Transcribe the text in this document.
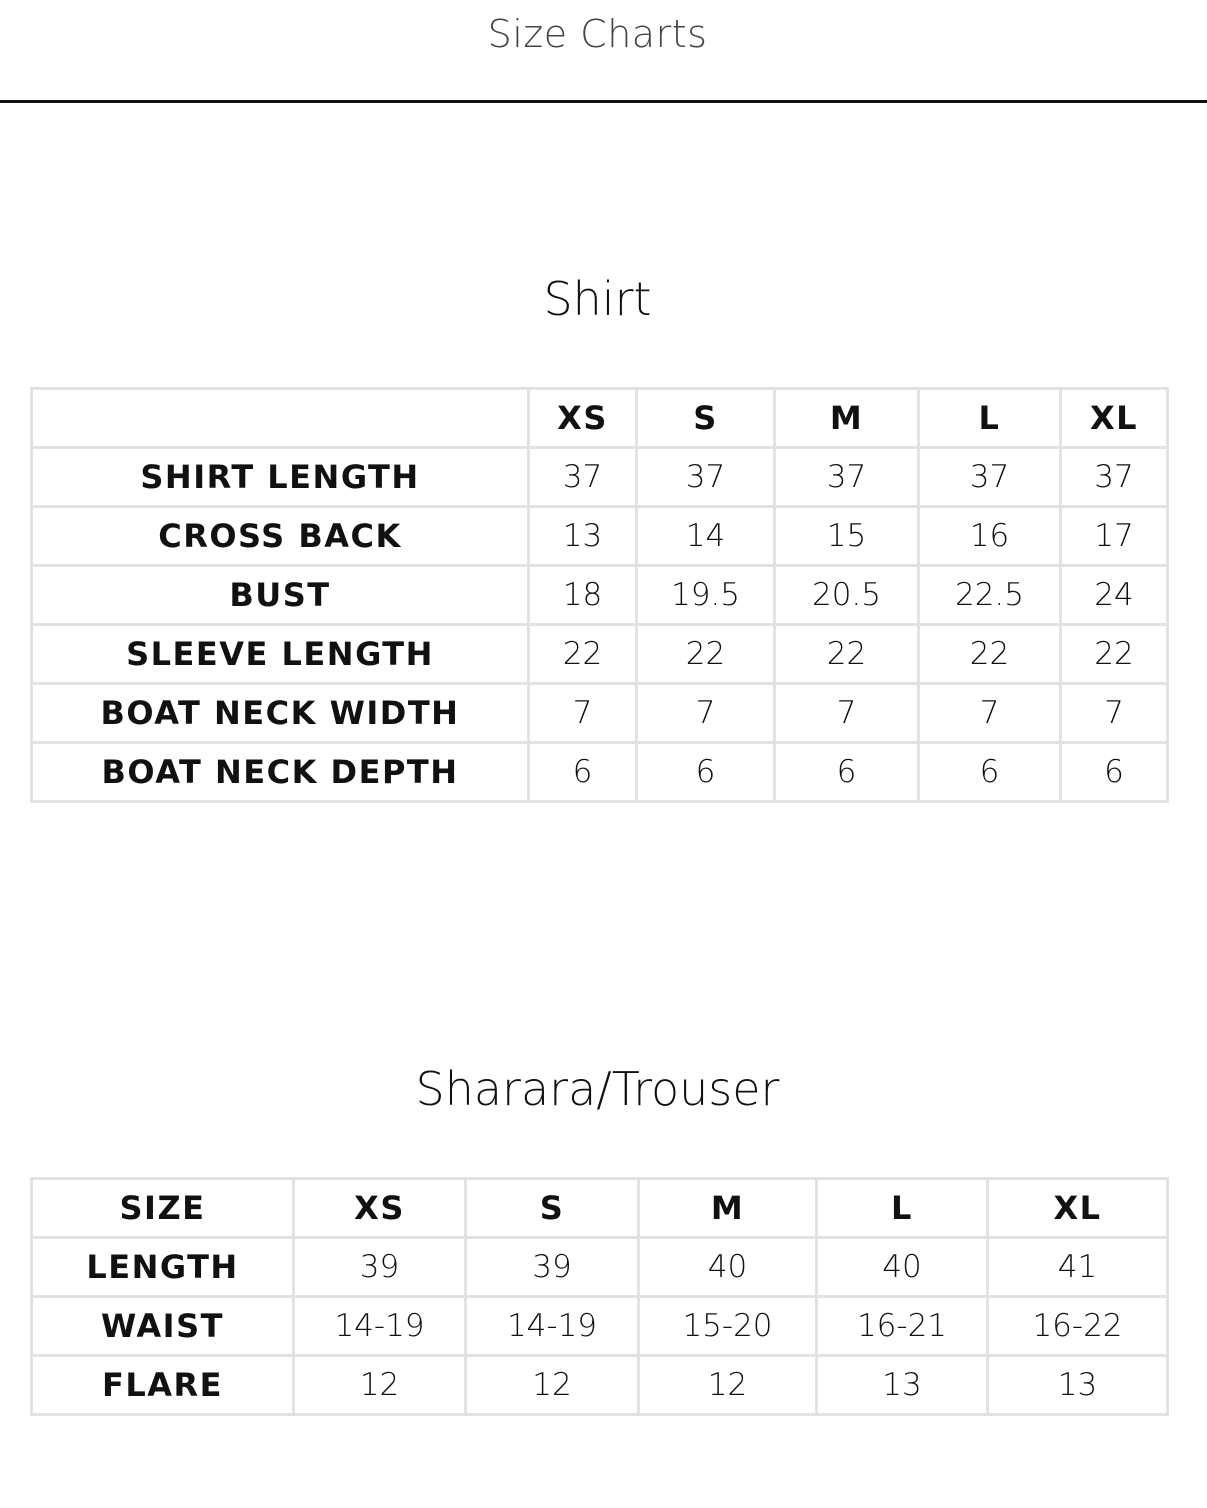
Size Charts
Shirt
	XS	S	M	L	XL
SHIRT LENGTH	37	37	37	37	37
CROSS BACK	13	14	15	16	17
BUST	18	19.5	20.5	22.5	24
SLEEVE LENGTH	22	22	22	22	22
BOAT NECK WIDTH	7	7	7	7	7
BOAT NECK DEPTH	6	6	6	6	6
Sharara/Trouser
SIZE	XS	S	M	L	XL
LENGTH	39	39	40	40	41
WAIST	14-19	14-19	15-20	16-21	16-22
FLARE	12	12	12	13	13
